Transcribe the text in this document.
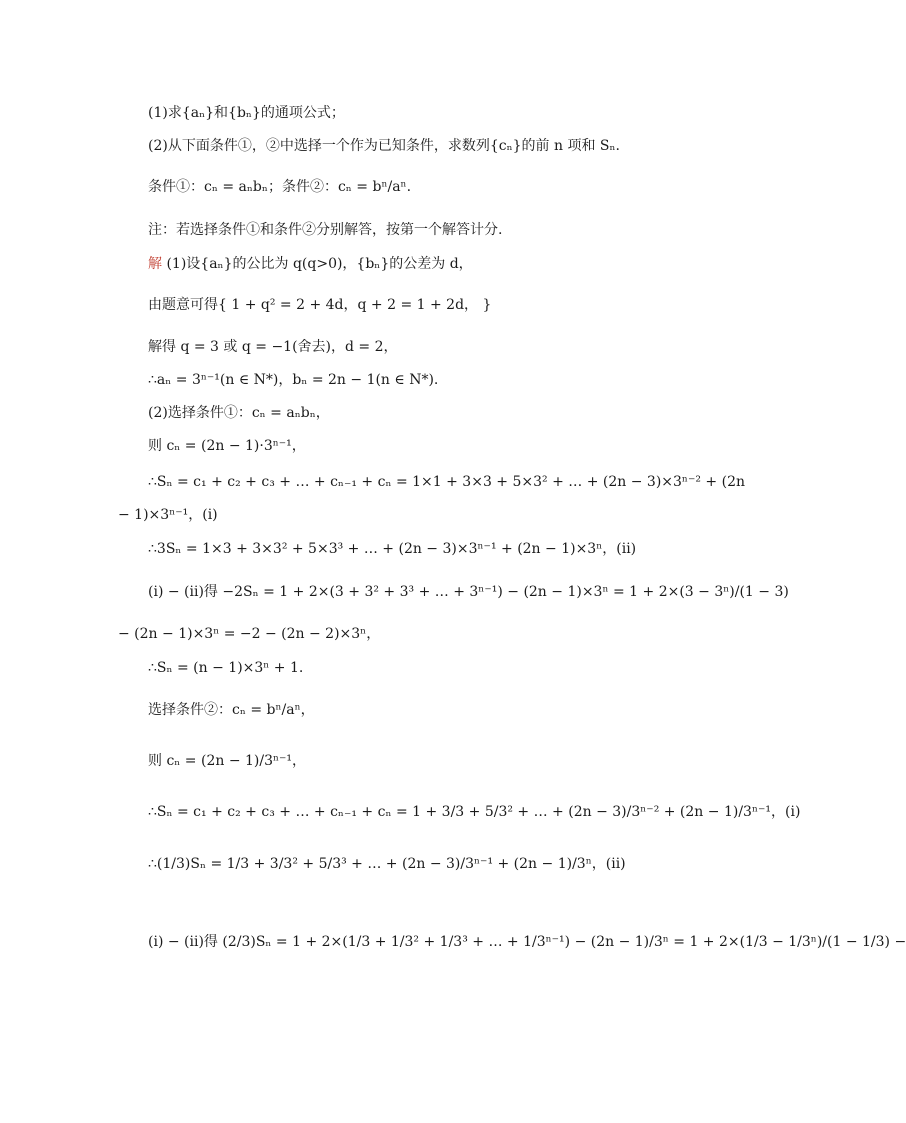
(1)求{aₙ}和{bₙ}的通项公式；
(2)从下面条件①，②中选择一个作为已知条件，求数列{cₙ}的前 n 项和 Sₙ.
条件①：cₙ = aₙbₙ；条件②：cₙ = bⁿ/aⁿ.
注：若选择条件①和条件②分别解答，按第一个解答计分.
解 (1)设{aₙ}的公比为 q(q>0)，{bₙ}的公差为 d，
由题意可得{ 1 + q² = 2 + 4d，q + 2 = 1 + 2d， }
解得 q = 3 或 q = −1(舍去)，d = 2，
∴aₙ = 3ⁿ⁻¹(n ∈ N*)，bₙ = 2n − 1(n ∈ N*).
(2)选择条件①：cₙ = aₙbₙ，
则 cₙ = (2n − 1)·3ⁿ⁻¹，
∴Sₙ = c₁ + c₂ + c₃ + … + cₙ₋₁ + cₙ = 1×1 + 3×3 + 5×3² + … + (2n − 3)×3ⁿ⁻² + (2n
− 1)×3ⁿ⁻¹，(ⅰ)
∴3Sₙ = 1×3 + 3×3² + 5×3³ + … + (2n − 3)×3ⁿ⁻¹ + (2n − 1)×3ⁿ，(ⅱ)
(ⅰ) − (ⅱ)得 −2Sₙ = 1 + 2×(3 + 3² + 3³ + … + 3ⁿ⁻¹) − (2n − 1)×3ⁿ = 1 + 2×(3 − 3ⁿ)/(1 − 3)
− (2n − 1)×3ⁿ = −2 − (2n − 2)×3ⁿ，
∴Sₙ = (n − 1)×3ⁿ + 1.
选择条件②：cₙ = bⁿ/aⁿ，
则 cₙ = (2n − 1)/3ⁿ⁻¹，
∴Sₙ = c₁ + c₂ + c₃ + … + cₙ₋₁ + cₙ = 1 + 3/3 + 5/3² + … + (2n − 3)/3ⁿ⁻² + (2n − 1)/3ⁿ⁻¹，(ⅰ)
∴(1/3)Sₙ = 1/3 + 3/3² + 5/3³ + … + (2n − 3)/3ⁿ⁻¹ + (2n − 1)/3ⁿ，(ⅱ)
(ⅰ) − (ⅱ)得 (2/3)Sₙ = 1 + 2×(1/3 + 1/3² + 1/3³ + … + 1/3ⁿ⁻¹) − (2n − 1)/3ⁿ = 1 + 2×(1/3 − 1/3ⁿ)/(1 − 1/3) −
